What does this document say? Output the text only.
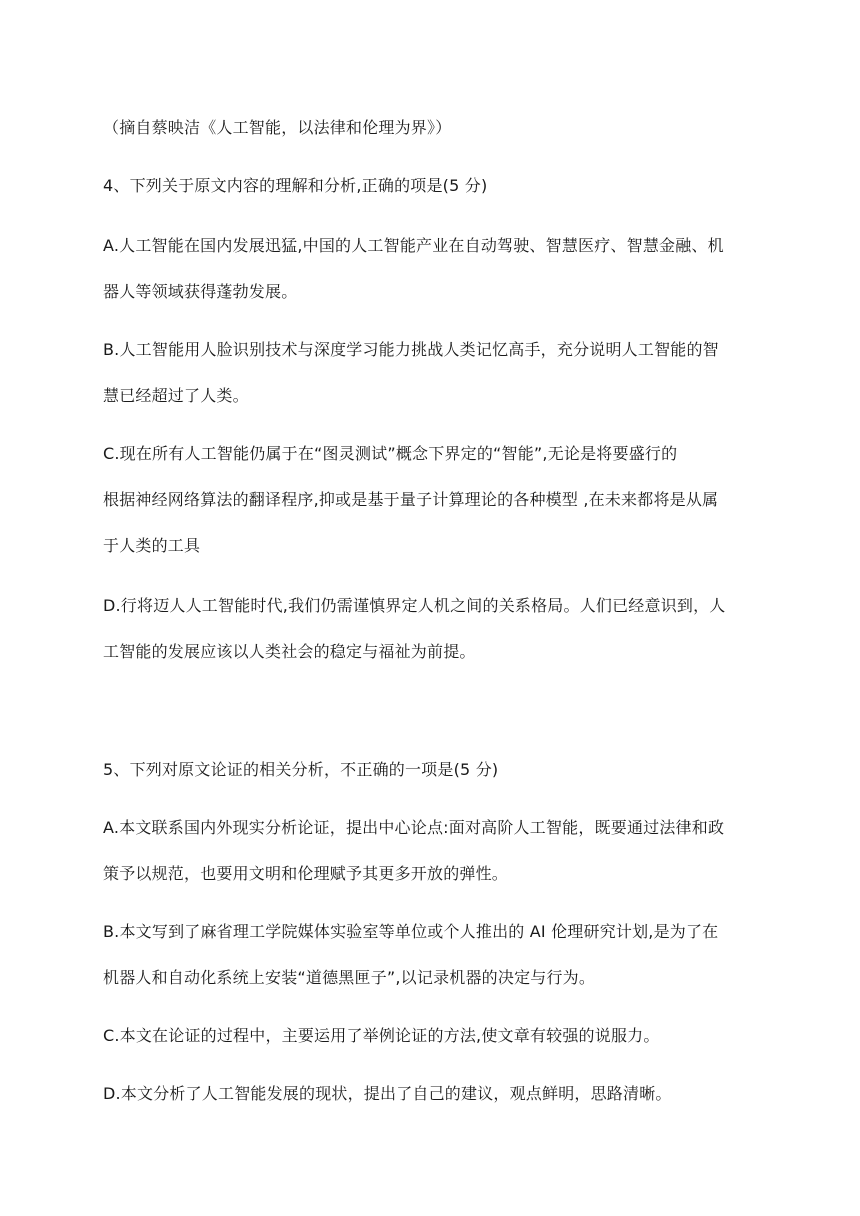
（摘自蔡映洁《人工智能，以法律和伦理为界》）
4、下列关于原文内容的理解和分析,正确的项是(5 分)
A.人工智能在国内发展迅猛,中国的人工智能产业在自动驾驶、智慧医疗、智慧金融、机
器人等领域获得蓬勃发展。
B.人工智能用人脸识别技术与深度学习能力挑战人类记忆高手，充分说明人工智能的智
慧已经超过了人类。
C.现在所有人工智能仍属于在“图灵测试”概念下界定的“智能”,无论是将要盛行的
根据神经网络算法的翻译程序,抑或是基于量子计算理论的各种模型 ,在未来都将是从属
于人类的工具
D.行将迈人人工智能时代,我们仍需谨慎界定人机之间的关系格局。人们已经意识到，人
工智能的发展应该以人类社会的稳定与福祉为前提。
5、下列对原文论证的相关分析，不正确的一项是(5 分)
A.本文联系国内外现实分析论证，提出中心论点:面对高阶人工智能，既要通过法律和政
策予以规范，也要用文明和伦理赋予其更多开放的弹性。
B.本文写到了麻省理工学院媒体实验室等单位或个人推出的 AI 伦理研究计划,是为了在
机器人和自动化系统上安装“道德黑匣子”,以记录机器的决定与行为。
C.本文在论证的过程中，主要运用了举例论证的方法,使文章有较强的说服力。
D.本文分析了人工智能发展的现状，提出了自己的建议，观点鲜明，思路清晰。
